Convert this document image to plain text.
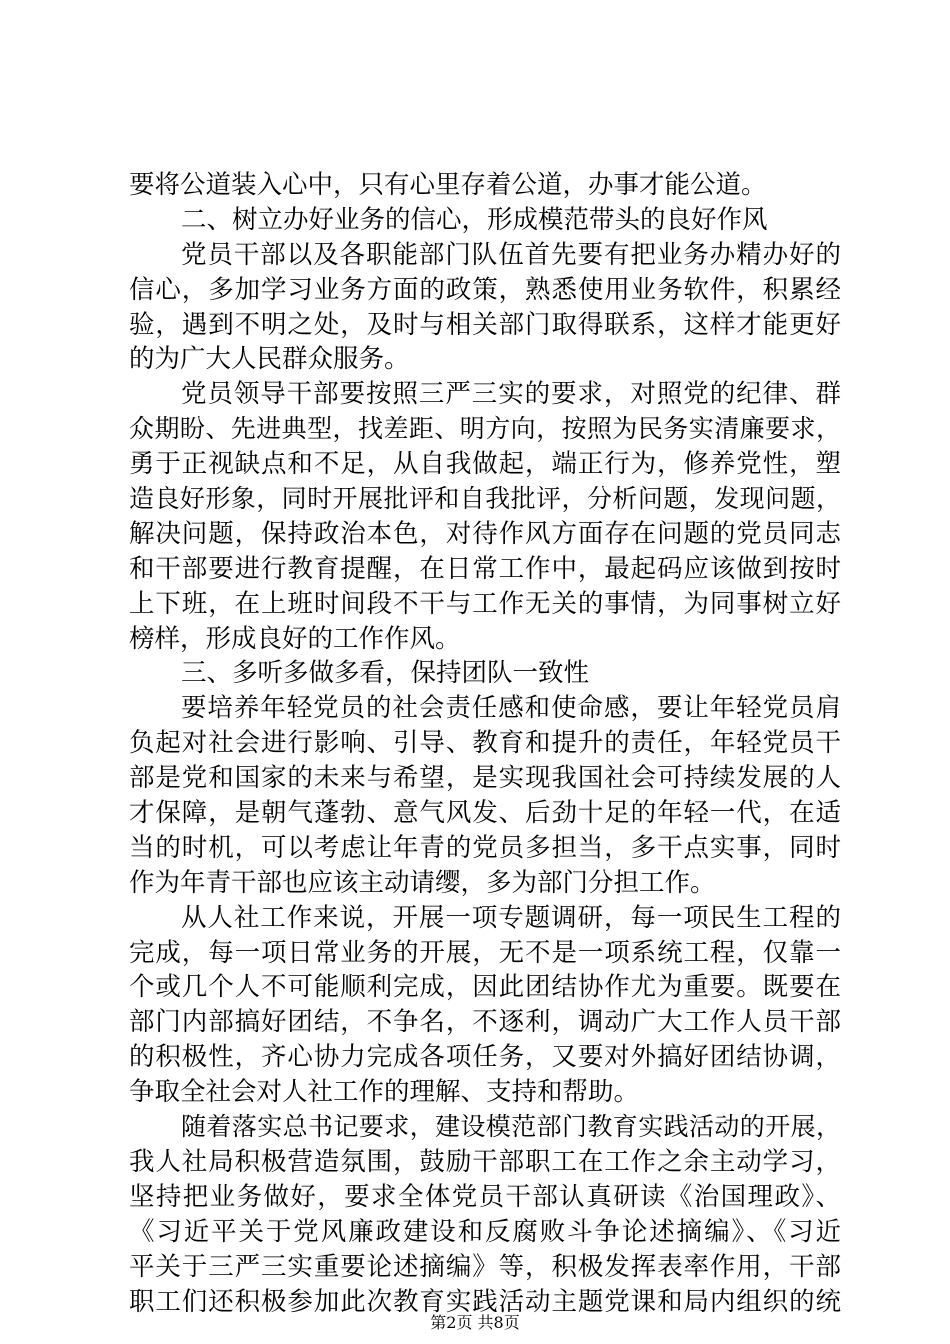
要将公道装入心中，只有心里存着公道，办事才能公道。
二、树立办好业务的信心，形成模范带头的良好作风
党员干部以及各职能部门队伍首先要有把业务办精办好的
信心，多加学习业务方面的政策，熟悉使用业务软件，积累经
验，遇到不明之处，及时与相关部门取得联系，这样才能更好
的为广大人民群众服务。
党员领导干部要按照三严三实的要求，对照党的纪律、群
众期盼、先进典型，找差距、明方向，按照为民务实清廉要求，
勇于正视缺点和不足，从自我做起，端正行为，修养党性，塑
造良好形象，同时开展批评和自我批评，分析问题，发现问题，
解决问题，保持政治本色，对待作风方面存在问题的党员同志
和干部要进行教育提醒，在日常工作中，最起码应该做到按时
上下班，在上班时间段不干与工作无关的事情，为同事树立好
榜样，形成良好的工作作风。
三、多听多做多看，保持团队一致性
要培养年轻党员的社会责任感和使命感，要让年轻党员肩
负起对社会进行影响、引导、教育和提升的责任，年轻党员干
部是党和国家的未来与希望，是实现我国社会可持续发展的人
才保障，是朝气蓬勃、意气风发、后劲十足的年轻一代，在适
当的时机，可以考虑让年青的党员多担当，多干点实事，同时
作为年青干部也应该主动请缨，多为部门分担工作。
从人社工作来说，开展一项专题调研，每一项民生工程的
完成，每一项日常业务的开展，无不是一项系统工程，仅靠一
个或几个人不可能顺利完成，因此团结协作尤为重要。既要在
部门内部搞好团结，不争名，不逐利，调动广大工作人员干部
的积极性，齐心协力完成各项任务，又要对外搞好团结协调，
争取全社会对人社工作的理解、支持和帮助。
随着落实总书记要求，建设模范部门教育实践活动的开展，
我人社局积极营造氛围，鼓励干部职工在工作之余主动学习，
坚持把业务做好，要求全体党员干部认真研读《治国理政》、
《习近平关于党风廉政建设和反腐败斗争论述摘编》、《习近
平关于三严三实重要论述摘编》等，积极发挥表率作用，干部
职工们还积极参加此次教育实践活动主题党课和局内组织的统
第2页 共8页
